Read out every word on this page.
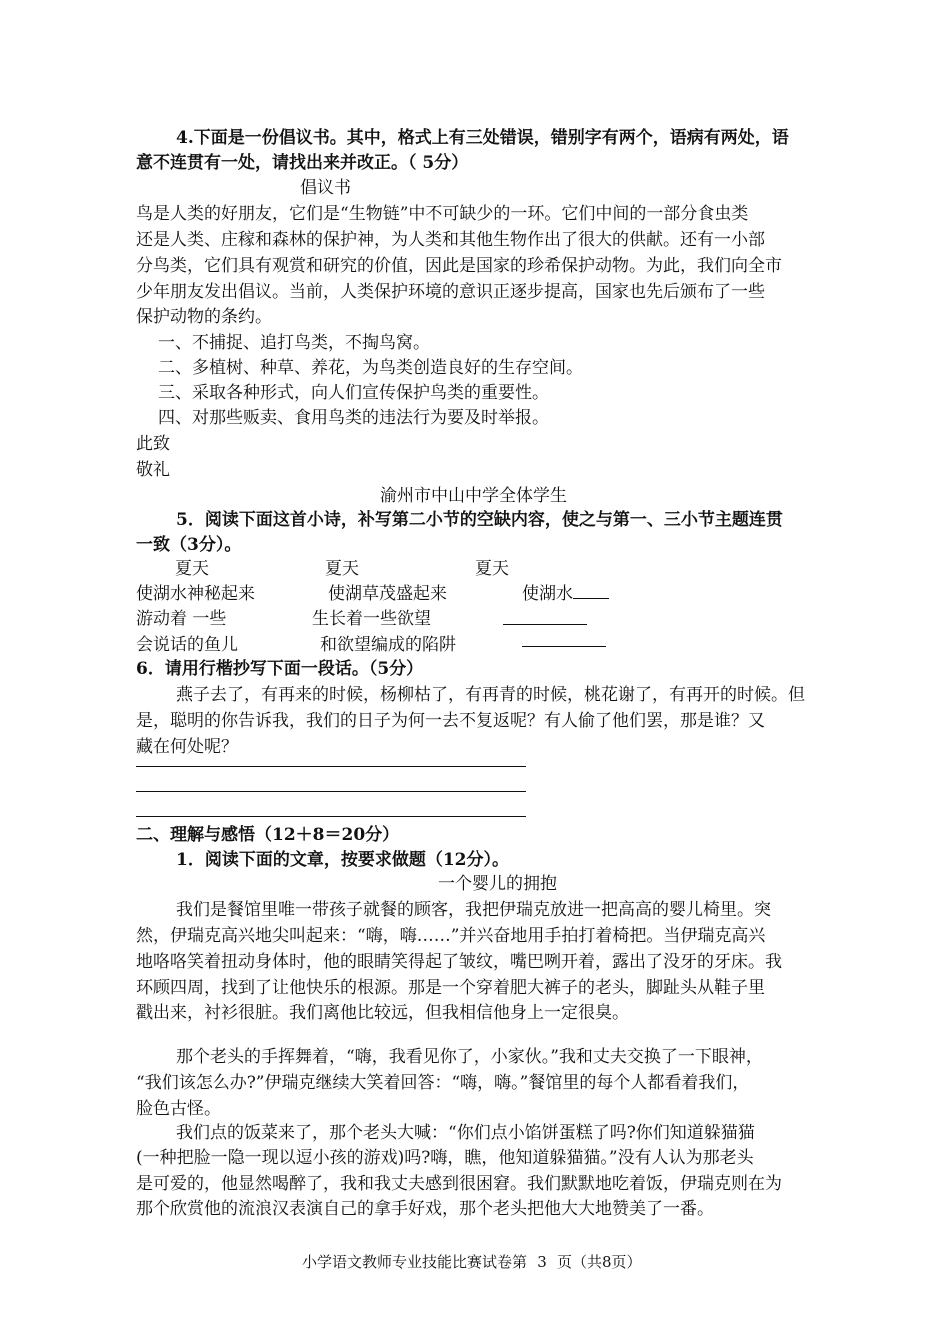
4.下面是一份倡议书。其中，格式上有三处错误，错别字有两个，语病有两处，语
意不连贯有一处，请找出来并改正。（ 5分）
倡议书
鸟是人类的好朋友，它们是“生物链”中不可缺少的一环。它们中间的一部分食虫类
还是人类、庄稼和森林的保护神，为人类和其他生物作出了很大的供献。还有一小部
分鸟类，它们具有观赏和研究的价值，因此是国家的珍希保护动物。为此，我们向全市
少年朋友发出倡议。当前，人类保护环境的意识正逐步提高，国家也先后颁布了一些
保护动物的条约。
一、不捕捉、追打鸟类，不掏鸟窝。
二、多植树、种草、养花，为鸟类创造良好的生存空间。
三、采取各种形式，向人们宣传保护鸟类的重要性。
四、对那些贩卖、食用鸟类的违法行为要及时举报。
此致
敬礼
渝州市中山中学全体学生
5．阅读下面这首小诗，补写第二小节的空缺内容，使之与第一、三小节主题连贯
一致（3分）。
夏天	夏天	夏天
使湖水神秘起来	使湖草茂盛起来	使湖水
游动着 一些	生长着一些欲望
会说话的鱼儿	和欲望编成的陷阱
6．请用行楷抄写下面一段话。（5分）
燕子去了，有再来的时候，杨柳枯了，有再青的时候，桃花谢了，有再开的时候。但
是，聪明的你告诉我，我们的日子为何一去不复返呢？有人偷了他们罢，那是谁？又
藏在何处呢？
二、理解与感悟（12＋8＝20分）
1．阅读下面的文章，按要求做题（12分）。
一个婴儿的拥抱
我们是餐馆里唯一带孩子就餐的顾客，我把伊瑞克放进一把高高的婴儿椅里。突
然，伊瑞克高兴地尖叫起来：“嗨，嗨……”并兴奋地用手拍打着椅把。当伊瑞克高兴
地咯咯笑着扭动身体时，他的眼睛笑得起了皱纹，嘴巴咧开着，露出了没牙的牙床。我
环顾四周，找到了让他快乐的根源。那是一个穿着肥大裤子的老头，脚趾头从鞋子里
戳出来，衬衫很脏。我们离他比较远，但我相信他身上一定很臭。
那个老头的手挥舞着，“嗨，我看见你了，小家伙。”我和丈夫交换了一下眼神，
“我们该怎么办?”伊瑞克继续大笑着回答：“嗨，嗨。”餐馆里的每个人都看着我们，
脸色古怪。
我们点的饭菜来了，那个老头大喊：“你们点小馅饼蛋糕了吗?你们知道躲猫猫
(一种把脸一隐一现以逗小孩的游戏)吗?嗨，瞧，他知道躲猫猫。”没有人认为那老头
是可爱的，他显然喝醉了，我和我丈夫感到很困窘。我们默默地吃着饭，伊瑞克则在为
那个欣赏他的流浪汉表演自己的拿手好戏，那个老头把他大大地赞美了一番。
小学语文教师专业技能比赛试卷第 3 页（共8页）
